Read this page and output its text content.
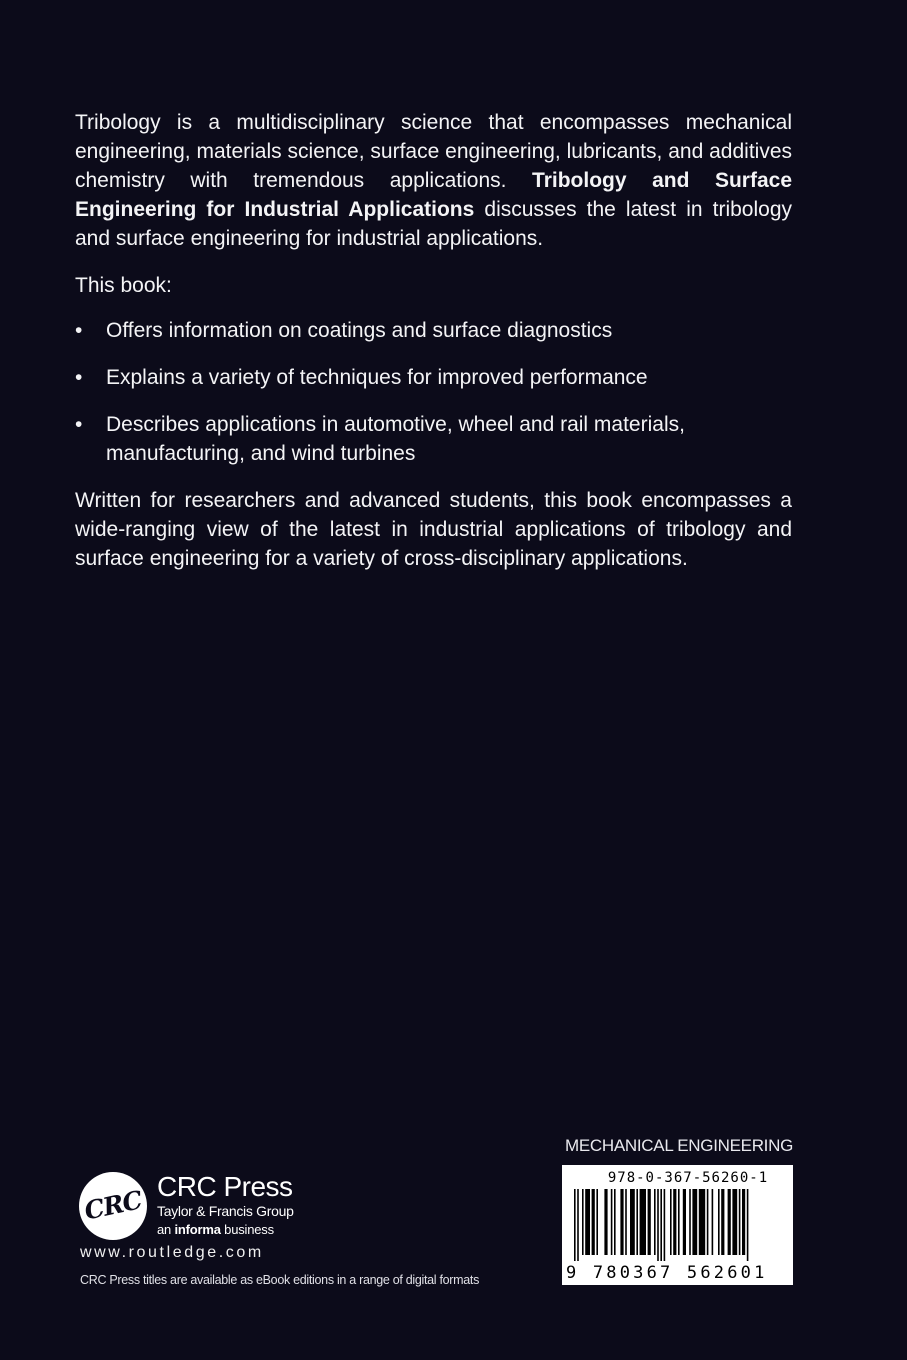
Tribology is a multidisciplinary science that encompasses mechanical engineering, materials science, surface engineering, lubricants, and additives chemistry with tremendous applications. Tribology and Surface Engineering for Industrial Applications discusses the latest in tribology and surface engineering for industrial applications.

This book:

•	Offers information on coatings and surface diagnostics
•	Explains a variety of techniques for improved performance
•	Describes applications in automotive, wheel and rail materials, manufacturing, and wind turbines

Written for researchers and advanced students, this book encompasses a wide-ranging view of the latest in industrial applications of tribology and surface engineering for a variety of cross-disciplinary applications.

MECHANICAL ENGINEERING
978-0-367-56260-1
9 780367 562601
CRC CRC Press
Taylor & Francis Group
an informa business
www.routledge.com
CRC Press titles are available as eBook editions in a range of digital formats
